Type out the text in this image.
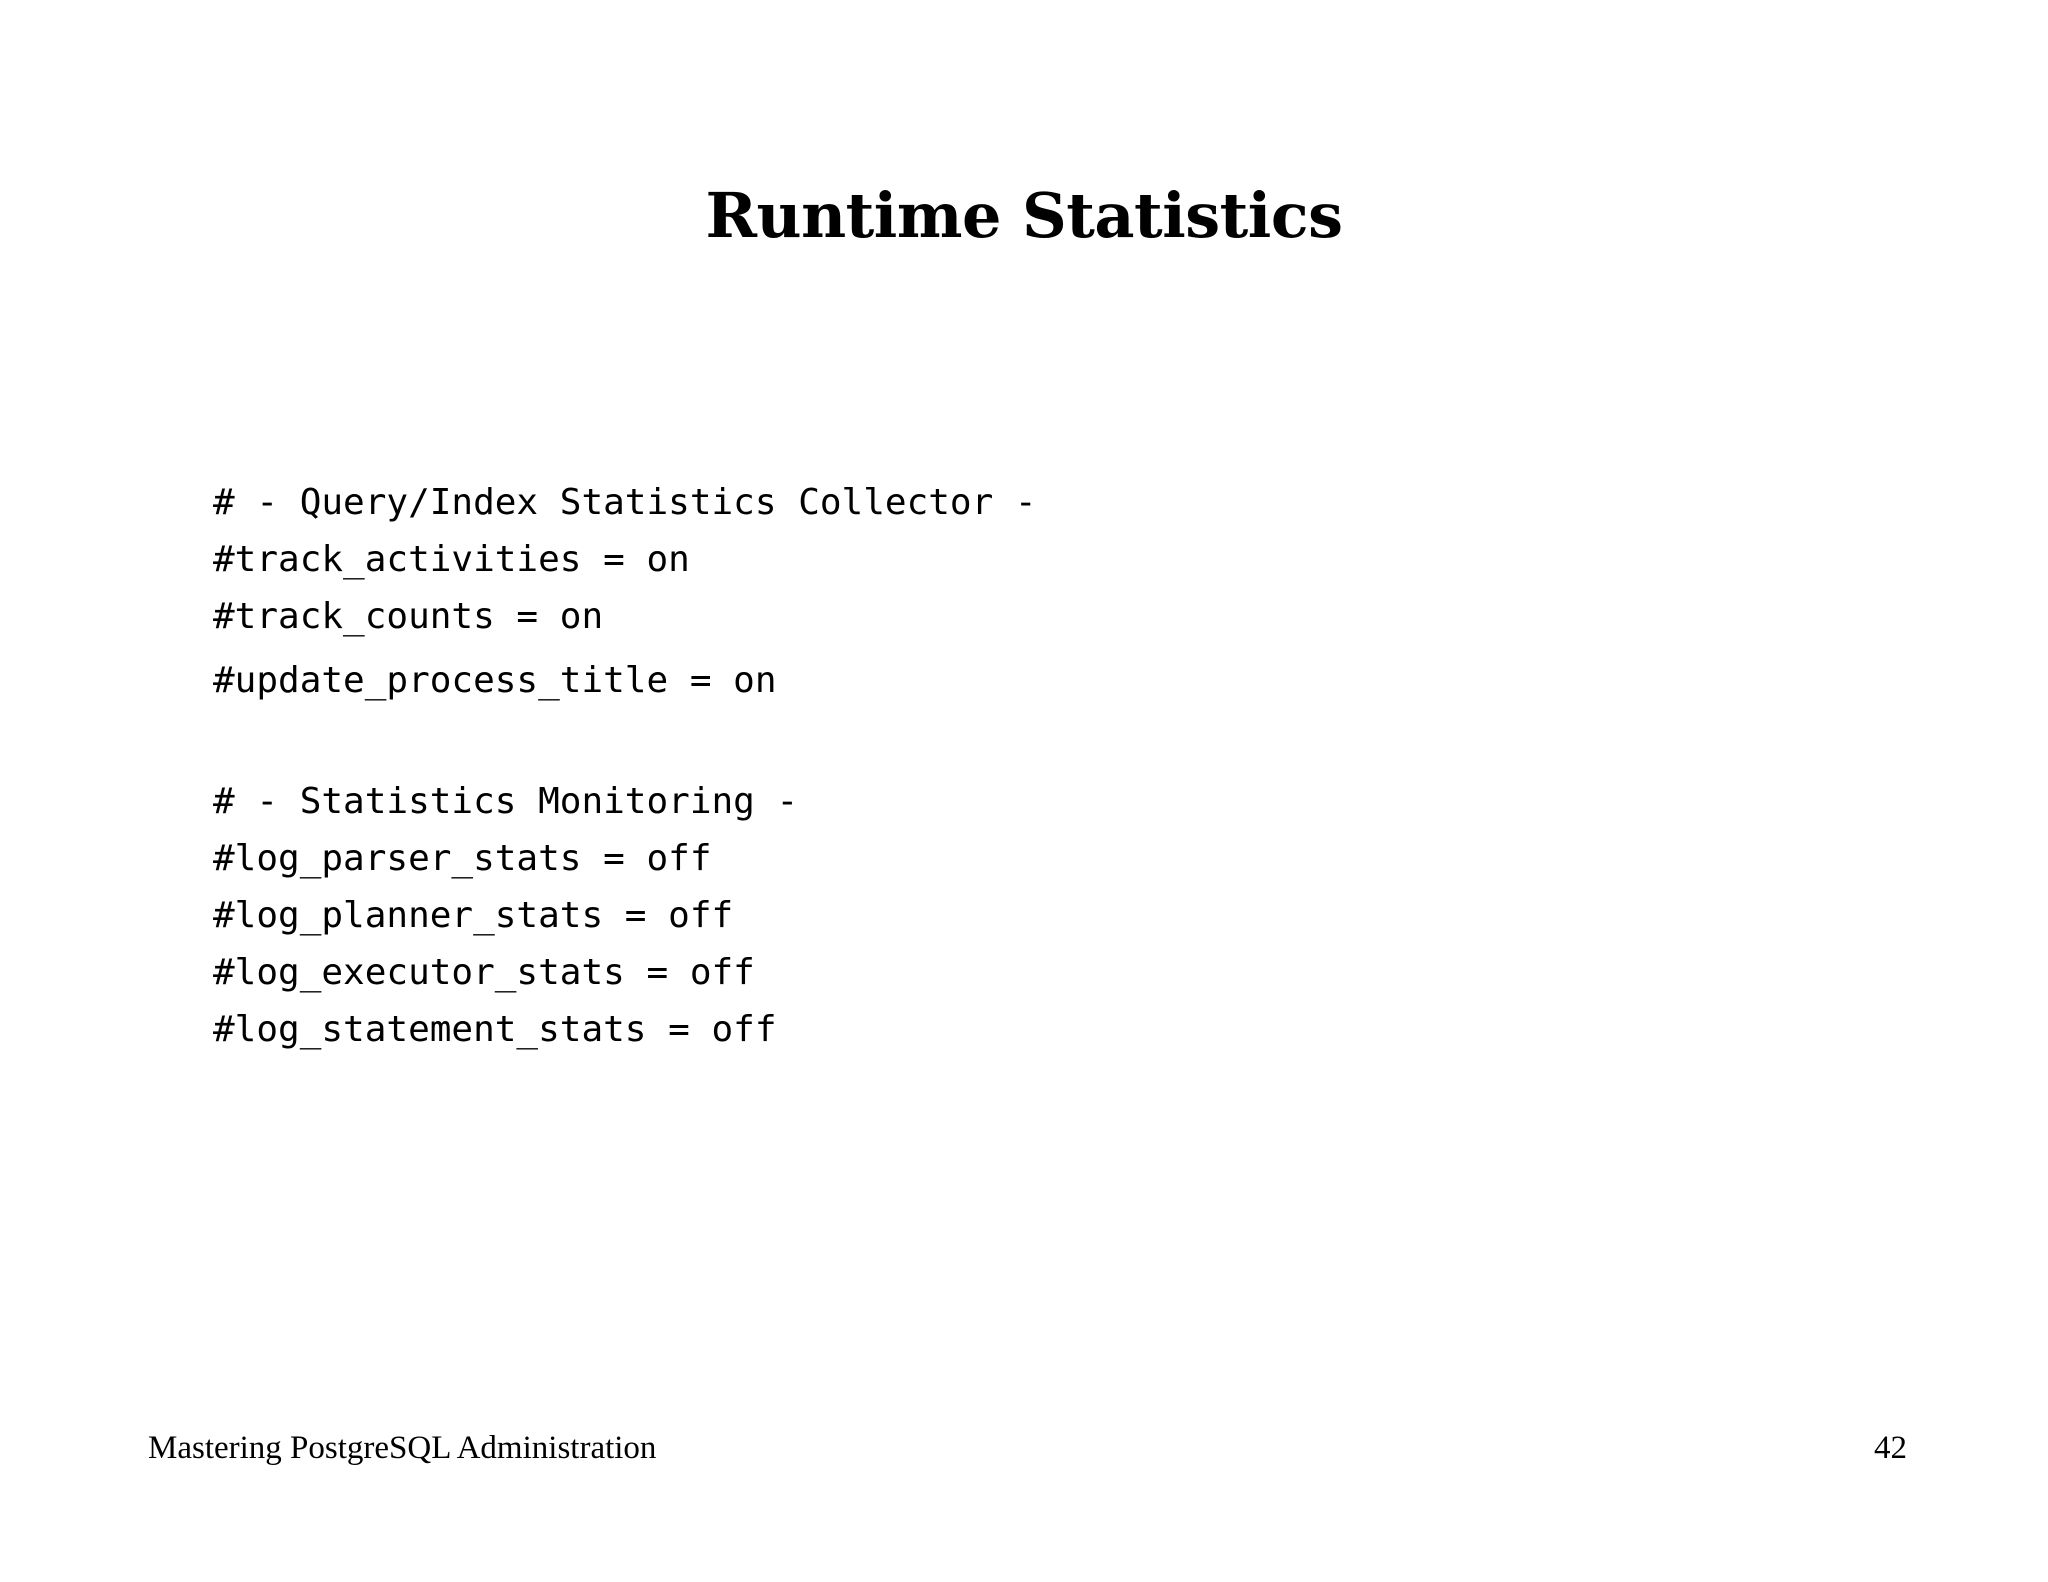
Runtime Statistics

# - Query/Index Statistics Collector -

#track_activities = on

#track_counts = on

#update_process_title = on

# - Statistics Monitoring -

#log_parser_stats = off

#log_planner_stats = off

#log_executor_stats = off

#log_statement_stats = off

Mastering PostgreSQL Administration	42
